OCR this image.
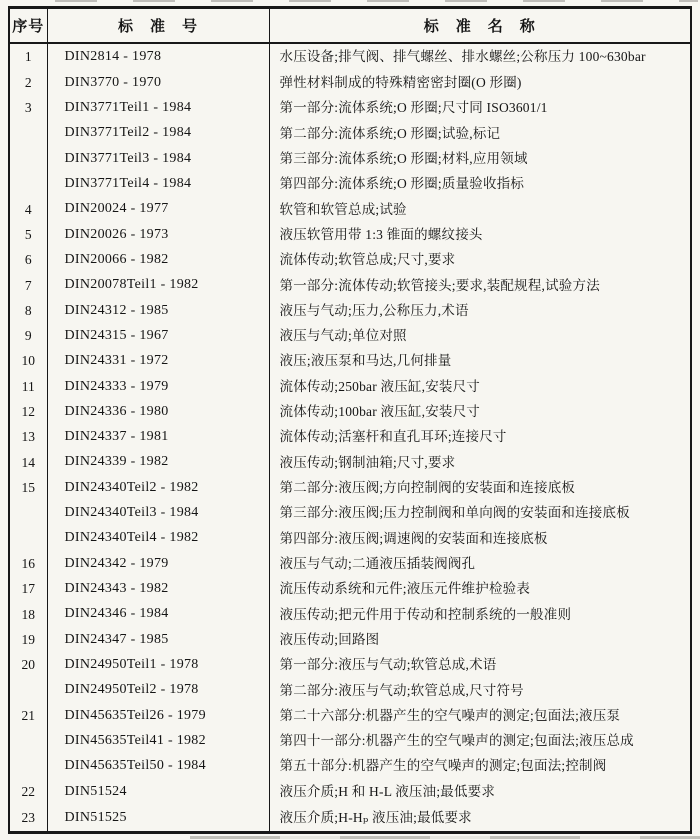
序号	标　准　号	标　准　名　称
1	DIN2814 - 1978	水压设备;排气阀、排气螺丝、排水螺丝;公称压力 100~630bar
2	DIN3770 - 1970	弹性材料制成的特殊精密密封圈(O 形圈)
3	DIN3771Teil1 - 1984	第一部分:流体系统;O 形圈;尺寸同 ISO3601/1
	DIN3771Teil2 - 1984	第二部分:流体系统;O 形圈;试验,标记
	DIN3771Teil3 - 1984	第三部分:流体系统;O 形圈;材料,应用领域
	DIN3771Teil4 - 1984	第四部分:流体系统;O 形圈;质量验收指标
4	DIN20024 - 1977	软管和软管总成;试验
5	DIN20026 - 1973	液压软管用带 1:3 锥面的螺纹接头
6	DIN20066 - 1982	流体传动;软管总成;尺寸,要求
7	DIN20078Teil1 - 1982	第一部分:流体传动;软管接头;要求,装配规程,试验方法
8	DIN24312 - 1985	液压与气动;压力,公称压力,术语
9	DIN24315 - 1967	液压与气动;单位对照
10	DIN24331 - 1972	液压;液压泵和马达,几何排量
11	DIN24333 - 1979	流体传动;250bar 液压缸,安装尺寸
12	DIN24336 - 1980	流体传动;100bar 液压缸,安装尺寸
13	DIN24337 - 1981	流体传动;活塞杆和直孔耳环;连接尺寸
14	DIN24339 - 1982	液压传动;钢制油箱;尺寸,要求
15	DIN24340Teil2 - 1982	第二部分:液压阀;方向控制阀的安装面和连接底板
	DIN24340Teil3 - 1984	第三部分:液压阀;压力控制阀和单向阀的安装面和连接底板
	DIN24340Teil4 - 1982	第四部分:液压阀;调速阀的安装面和连接底板
16	DIN24342 - 1979	液压与气动;二通液压插装阀阀孔
17	DIN24343 - 1982	流压传动系统和元件;液压元件维护检验表
18	DIN24346 - 1984	液压传动;把元件用于传动和控制系统的一般准则
19	DIN24347 - 1985	液压传动;回路图
20	DIN24950Teil1 - 1978	第一部分:液压与气动;软管总成,术语
	DIN24950Teil2 - 1978	第二部分:液压与气动;软管总成,尺寸符号
21	DIN45635Teil26 - 1979	第二十六部分:机器产生的空气噪声的测定;包面法;液压泵
	DIN45635Teil41 - 1982	第四十一部分:机器产生的空气噪声的测定;包面法;液压总成
	DIN45635Teil50 - 1984	第五十部分:机器产生的空气噪声的测定;包面法;控制阀
22	DIN51524	液压介质;H 和 H-L 液压油;最低要求
23	DIN51525	液压介质;H-Hₚ 液压油;最低要求
